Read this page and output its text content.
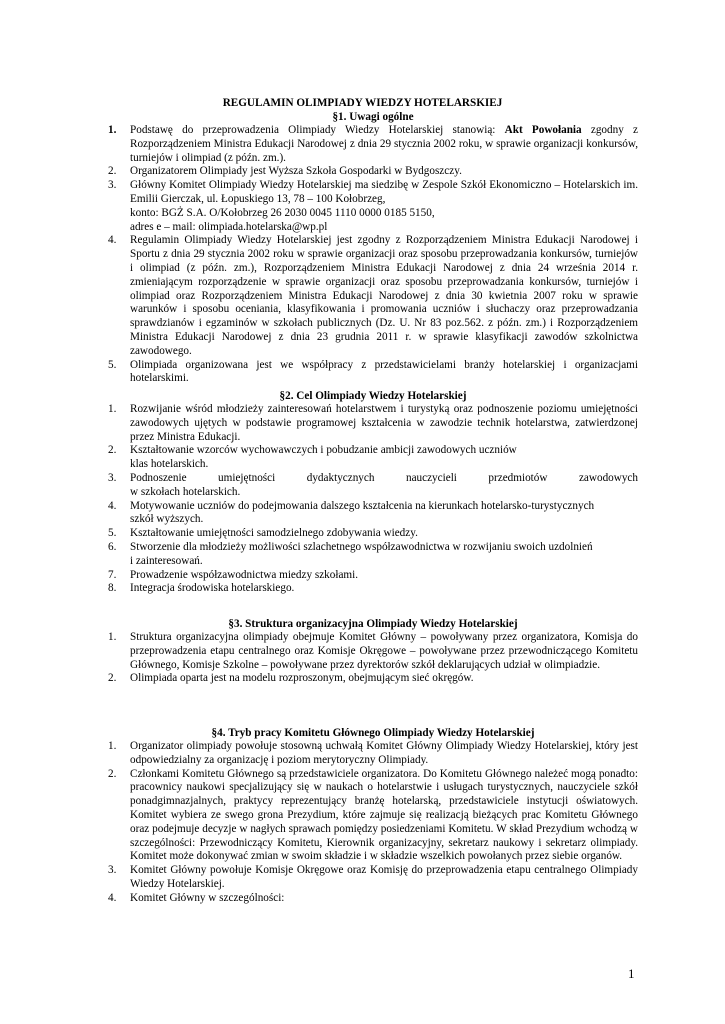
REGULAMIN OLIMPIADY WIEDZY HOTELARSKIEJ
§1. Uwagi ogólne
1. Podstawę do przeprowadzenia Olimpiady Wiedzy Hotelarskiej stanowią: Akt Powołania zgodny z Rozporządzeniem Ministra Edukacji Narodowej z dnia 29 stycznia 2002 roku, w sprawie organizacji konkursów, turniejów i olimpiad (z późn. zm.).
2. Organizatorem Olimpiady jest Wyższa Szkoła Gospodarki w Bydgoszczy.
3. Główny Komitet Olimpiady Wiedzy Hotelarskiej ma siedzibę w Zespole Szkół Ekonomiczno – Hotelarskich im. Emilii Gierczak, ul. Łopuskiego 13, 78 – 100 Kołobrzeg,
konto: BGŻ S.A. O/Kołobrzeg 26 2030 0045 1110 0000 0185 5150,
adres e – mail: olimpiada.hotelarska@wp.pl
4. Regulamin Olimpiady Wiedzy Hotelarskiej jest zgodny z Rozporządzeniem Ministra Edukacji Narodowej i Sportu z dnia 29 stycznia 2002 roku w sprawie organizacji oraz sposobu przeprowadzania konkursów, turniejów i olimpiad (z późn. zm.), Rozporządzeniem Ministra Edukacji Narodowej z dnia 24 września 2014 r. zmieniającym rozporządzenie w sprawie organizacji oraz sposobu przeprowadzania konkursów, turniejów i olimpiad oraz Rozporządzeniem Ministra Edukacji Narodowej z dnia 30 kwietnia 2007 roku w sprawie warunków i sposobu oceniania, klasyfikowania i promowania uczniów i słuchaczy oraz przeprowadzania sprawdzianów i egzaminów w szkołach publicznych (Dz. U. Nr 83 poz.562. z późn. zm.) i Rozporządzeniem Ministra Edukacji Narodowej z dnia 23 grudnia 2011 r. w sprawie klasyfikacji zawodów szkolnictwa zawodowego.
5. Olimpiada organizowana jest we współpracy z przedstawicielami branży hotelarskiej i organizacjami hotelarskimi.
§2. Cel Olimpiady Wiedzy Hotelarskiej
1. Rozwijanie wśród młodzieży zainteresowań hotelarstwem i turystyką oraz podnoszenie poziomu umiejętności zawodowych ujętych w podstawie programowej kształcenia w zawodzie technik hotelarstwa, zatwierdzonej przez Ministra Edukacji.
2. Kształtowanie wzorców wychowawczych i pobudzanie ambicji zawodowych uczniów
klas hotelarskich.
3. Podnoszenie umiejętności dydaktycznych nauczycieli przedmiotów zawodowych
w szkołach hotelarskich.
4. Motywowanie uczniów do podejmowania dalszego kształcenia na kierunkach hotelarsko-turystycznych
szkół wyższych.
5. Kształtowanie umiejętności samodzielnego zdobywania wiedzy.
6. Stworzenie dla młodzieży możliwości szlachetnego współzawodnictwa w rozwijaniu swoich uzdolnień
i zainteresowań.
7. Prowadzenie współzawodnictwa miedzy szkołami.
8. Integracja środowiska hotelarskiego.
§3. Struktura organizacyjna Olimpiady Wiedzy Hotelarskiej
1. Struktura organizacyjna olimpiady obejmuje Komitet Główny – powoływany przez organizatora, Komisja do przeprowadzenia etapu centralnego oraz Komisje Okręgowe – powoływane przez przewodniczącego Komitetu Głównego, Komisje Szkolne – powoływane przez dyrektorów szkół deklarujących udział w olimpiadzie.
2. Olimpiada oparta jest na modelu rozproszonym, obejmującym sieć okręgów.
§4. Tryb pracy Komitetu Głównego Olimpiady Wiedzy Hotelarskiej
1. Organizator olimpiady powołuje stosowną uchwałą Komitet Główny Olimpiady Wiedzy Hotelarskiej, który jest odpowiedzialny za organizację i poziom merytoryczny Olimpiady.
2. Członkami Komitetu Głównego są przedstawiciele organizatora. Do Komitetu Głównego należeć mogą ponadto: pracownicy naukowi specjalizujący się w naukach o hotelarstwie i usługach turystycznych, nauczyciele szkół ponadgimnazjalnych, praktycy reprezentujący branżę hotelarską, przedstawiciele instytucji oświatowych. Komitet wybiera ze swego grona Prezydium, które zajmuje się realizacją bieżących prac Komitetu Głównego oraz podejmuje decyzje w nagłych sprawach pomiędzy posiedzeniami Komitetu. W skład Prezydium wchodzą w szczególności: Przewodniczący Komitetu, Kierownik organizacyjny, sekretarz naukowy i sekretarz olimpiady. Komitet może dokonywać zmian w swoim składzie i w składzie wszelkich powołanych przez siebie organów.
3. Komitet Główny powołuje Komisje Okręgowe oraz Komisję do przeprowadzenia etapu centralnego Olimpiady Wiedzy Hotelarskiej.
4. Komitet Główny w szczególności:

1
